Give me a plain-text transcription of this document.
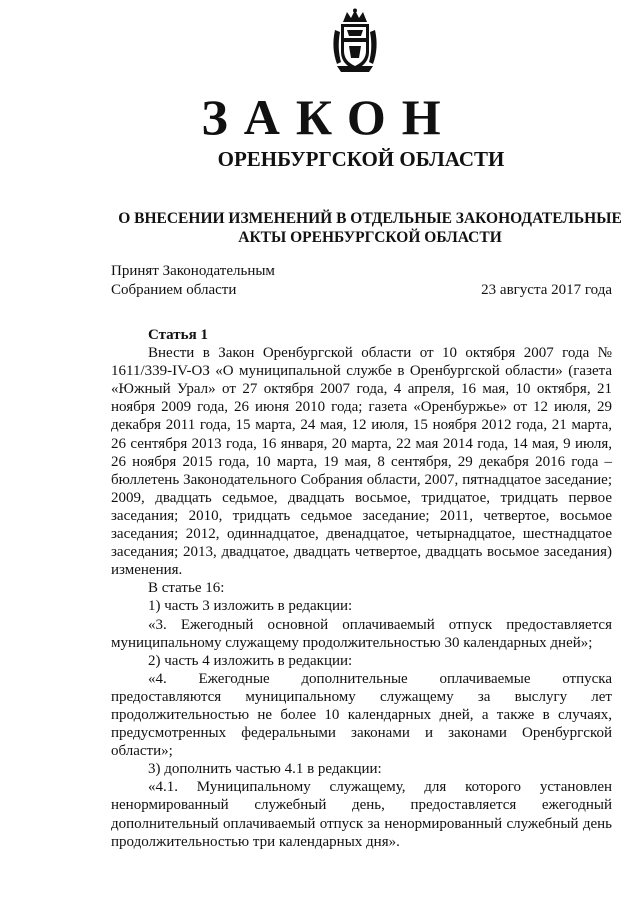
ЗАКОН
ОРЕНБУРГСКОЙ ОБЛАСТИ
О ВНЕСЕНИИ ИЗМЕНЕНИЙ В ОТДЕЛЬНЫЕ ЗАКОНОДАТЕЛЬНЫЕ
АКТЫ ОРЕНБУРГСКОЙ ОБЛАСТИ
Принят Законодательным
Собранием области	23 августа 2017 года
Статья 1

Внести в Закон Оренбургской области от 10 октября 2007 года № 1611/339-IV-ОЗ «О муниципальной службе в Оренбургской области» (газета «Южный Урал» от 27 октября 2007 года, 4 апреля, 16 мая, 10 октября, 21 ноября 2009 года, 26 июня 2010 года; газета «Оренбуржье» от 12 июля, 29 декабря 2011 года, 15 марта, 24 мая, 12 июля, 15 ноября 2012 года, 21 марта, 26 сентября 2013 года, 16 января, 20 марта, 22 мая 2014 года, 14 мая, 9 июля, 26 ноября 2015 года, 10 марта, 19 мая, 8 сентября, 29 декабря 2016 года – бюллетень Законодательного Собрания области, 2007, пятнадцатое заседание; 2009, двадцать седьмое, двадцать восьмое, тридцатое, тридцать первое заседания; 2010, тридцать седьмое заседание; 2011, четвертое, восьмое заседания; 2012, одиннадцатое, двенадцатое, четырнадцатое, шестнадцатое заседания; 2013, двадцатое, двадцать четвертое, двадцать восьмое заседания) изменения.

В статье 16:

1) часть 3 изложить в редакции:

«3. Ежегодный основной оплачиваемый отпуск предоставляется муниципальному служащему продолжительностью 30 календарных дней»;

2) часть 4 изложить в редакции:

«4. Ежегодные дополнительные оплачиваемые отпуска предоставляются муниципальному служащему за выслугу лет продолжительностью не более 10 календарных дней, а также в случаях, предусмотренных федеральными законами и законами Оренбургской области»;

3) дополнить частью 4.1 в редакции:

«4.1. Муниципальному служащему, для которого установлен ненормированный служебный день, предоставляется ежегодный дополнительный оплачиваемый отпуск за ненормированный служебный день продолжительностью три календарных дня».
